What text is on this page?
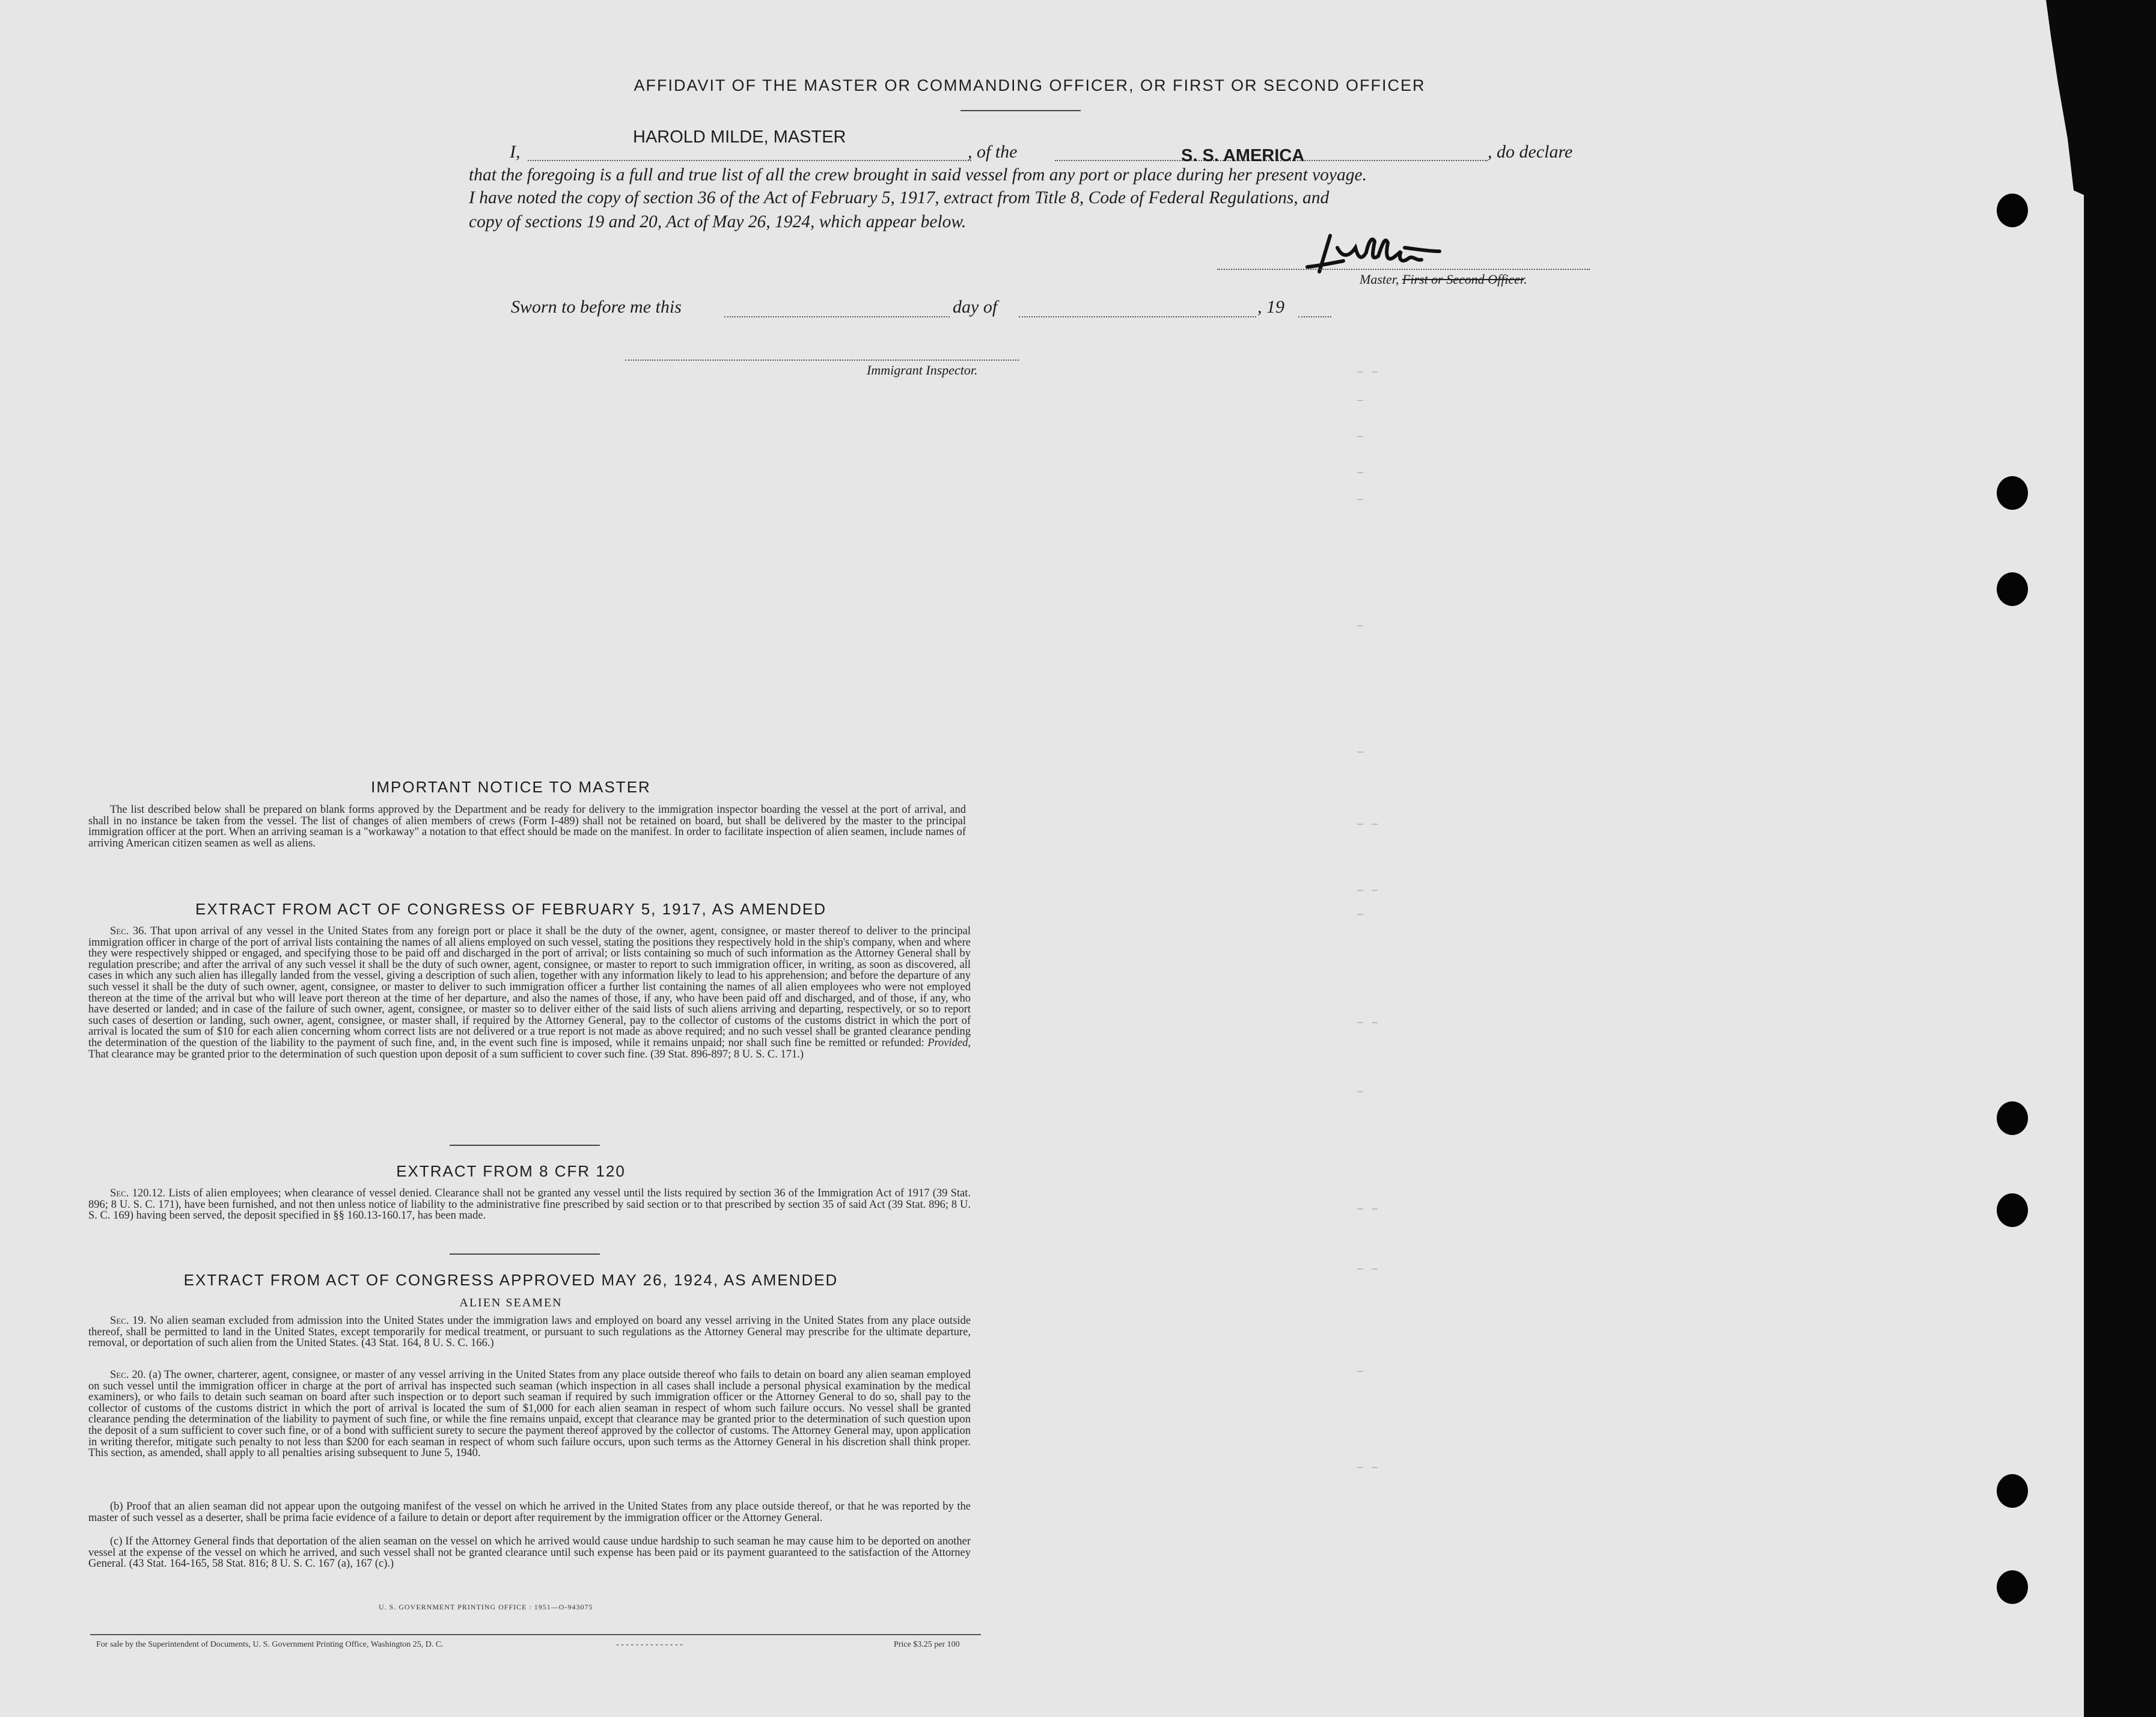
AFFIDAVIT OF THE MASTER OR COMMANDING OFFICER, OR FIRST OR SECOND OFFICER
I,
HAROLD MILDE, MASTER
, of the	S. S. AMERICA	, do declare
that the foregoing is a full and true list of all the crew brought in said vessel from any port or place during her present voyage.
I have noted the copy of section 36 of the Act of February 5, 1917, extract from Title 8, Code of Federal Regulations, and
copy of sections 19 and 20, Act of May 26, 1924, which appear below.
Master, First or Second Officer.
Sworn to before me this	day of	, 19
Immigrant Inspector.
IMPORTANT NOTICE TO MASTER
The list described below shall be prepared on blank forms approved by the Department and be ready for delivery to the immigration inspector boarding the vessel at the port of arrival, and shall in no instance be taken from the vessel. The list of changes of alien members of crews (Form I-489) shall not be retained on board, but shall be delivered by the master to the principal immigration officer at the port. When an arriving seaman is a "workaway" a notation to that effect should be made on the manifest. In order to facilitate inspection of alien seamen, include names of arriving American citizen seamen as well as aliens.
EXTRACT FROM ACT OF CONGRESS OF FEBRUARY 5, 1917, AS AMENDED
Sec. 36. That upon arrival of any vessel in the United States from any foreign port or place it shall be the duty of the owner, agent, consignee, or master thereof to deliver to the principal immigration officer in charge of the port of arrival lists containing the names of all aliens employed on such vessel, stating the positions they respectively hold in the ship's company, when and where they were respectively shipped or engaged, and specifying those to be paid off and discharged in the port of arrival; or lists containing so much of such information as the Attorney General shall by regulation prescribe; and after the arrival of any such vessel it shall be the duty of such owner, agent, consignee, or master to report to such immigration officer, in writing, as soon as discovered, all cases in which any such alien has illegally landed from the vessel, giving a description of such alien, together with any information likely to lead to his apprehension; and before the departure of any such vessel it shall be the duty of such owner, agent, consignee, or master to deliver to such immigration officer a further list containing the names of all alien employees who were not employed thereon at the time of the arrival but who will leave port thereon at the time of her departure, and also the names of those, if any, who have been paid off and discharged, and of those, if any, who have deserted or landed; and in case of the failure of such owner, agent, consignee, or master so to deliver either of the said lists of such aliens arriving and departing, respectively, or so to report such cases of desertion or landing, such owner, agent, consignee, or master shall, if required by the Attorney General, pay to the collector of customs of the customs district in which the port of arrival is located the sum of $10 for each alien concerning whom correct lists are not delivered or a true report is not made as above required; and no such vessel shall be granted clearance pending the determination of the question of the liability to the payment of such fine, and, in the event such fine is imposed, while it remains unpaid; nor shall such fine be remitted or refunded: Provided, That clearance may be granted prior to the determination of such question upon deposit of a sum sufficient to cover such fine. (39 Stat. 896-897; 8 U. S. C. 171.)
EXTRACT FROM 8 CFR 120
Sec. 120.12. Lists of alien employees; when clearance of vessel denied. Clearance shall not be granted any vessel until the lists required by section 36 of the Immigration Act of 1917 (39 Stat. 896; 8 U. S. C. 171), have been furnished, and not then unless notice of liability to the administrative fine prescribed by said section or to that prescribed by section 35 of said Act (39 Stat. 896; 8 U. S. C. 169) having been served, the deposit specified in §§ 160.13-160.17, has been made.
EXTRACT FROM ACT OF CONGRESS APPROVED MAY 26, 1924, AS AMENDED
ALIEN SEAMEN
Sec. 19. No alien seaman excluded from admission into the United States under the immigration laws and employed on board any vessel arriving in the United States from any place outside thereof, shall be permitted to land in the United States, except temporarily for medical treatment, or pursuant to such regulations as the Attorney General may prescribe for the ultimate departure, removal, or deportation of such alien from the United States. (43 Stat. 164, 8 U. S. C. 166.)
Sec. 20. (a) The owner, charterer, agent, consignee, or master of any vessel arriving in the United States from any place outside thereof who fails to detain on board any alien seaman employed on such vessel until the immigration officer in charge at the port of arrival has inspected such seaman (which inspection in all cases shall include a personal physical examination by the medical examiners), or who fails to detain such seaman on board after such inspection or to deport such seaman if required by such immigration officer or the Attorney General to do so, shall pay to the collector of customs of the customs district in which the port of arrival is located the sum of $1,000 for each alien seaman in respect of whom such failure occurs. No vessel shall be granted clearance pending the determination of the liability to payment of such fine, or while the fine remains unpaid, except that clearance may be granted prior to the determination of such question upon the deposit of a sum sufficient to cover such fine, or of a bond with sufficient surety to secure the payment thereof approved by the collector of customs. The Attorney General may, upon application in writing therefor, mitigate such penalty to not less than $200 for each seaman in respect of whom such failure occurs, upon such terms as the Attorney General in his discretion shall think proper. This section, as amended, shall apply to all penalties arising subsequent to June 5, 1940.
(b) Proof that an alien seaman did not appear upon the outgoing manifest of the vessel on which he arrived in the United States from any place outside thereof, or that he was reported by the master of such vessel as a deserter, shall be prima facie evidence of a failure to detain or deport after requirement by the immigration officer or the Attorney General.
(c) If the Attorney General finds that deportation of the alien seaman on the vessel on which he arrived would cause undue hardship to such seaman he may cause him to be deported on another vessel at the expense of the vessel on which he arrived, and such vessel shall not be granted clearance until such expense has been paid or its payment guaranteed to the satisfaction of the Attorney General. (43 Stat. 164-165, 58 Stat. 816; 8 U. S. C. 167 (a), 167 (c).)
U. S. GOVERNMENT PRINTING OFFICE : 1951—O-943075
For sale by the Superintendent of Documents, U. S. Government Printing Office, Washington 25, D. C.	- - - - - - - - - - - - - -	Price $3.25 per 100
